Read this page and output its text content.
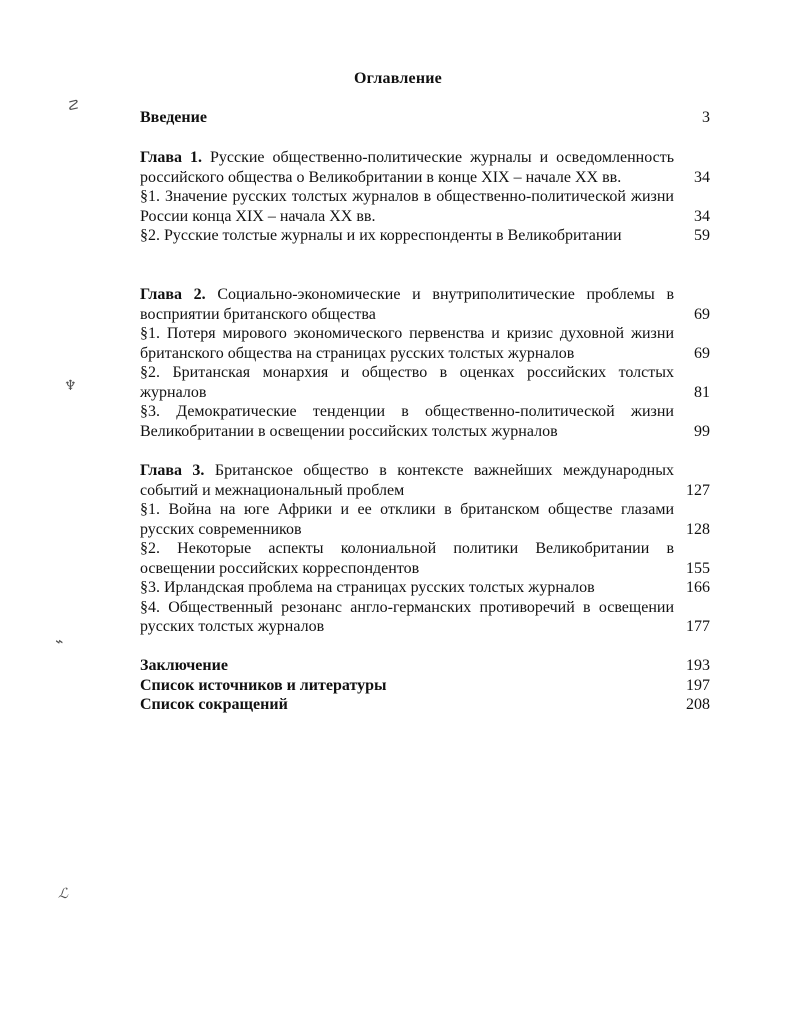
☡
♆
⌁
ℒ
Оглавление
Введение	3
Глава 1. Русские общественно-политические журналы и осведомленность российского общества о Великобритании в конце XIX – начале XX вв.	34
§1. Значение русских толстых журналов в общественно-политической жизни России конца XIX – начала XX вв.	34
§2. Русские толстые журналы и их корреспонденты в Великобритании	59
Глава 2. Социально-экономические и внутриполитические проблемы в восприятии британского общества	69
§1. Потеря мирового экономического первенства и кризис духовной жизни британского общества на страницах русских толстых журналов	69
§2. Британская монархия и общество в оценках российских толстых журналов	81
§3. Демократические тенденции в общественно-политической жизни Великобритании в освещении российских толстых журналов	99
Глава 3. Британское общество в контексте важнейших международных событий и межнациональный проблем	127
§1. Война на юге Африки и ее отклики в британском обществе глазами русских современников	128
§2. Некоторые аспекты колониальной политики Великобритании в освещении российских корреспондентов	155
§3. Ирландская проблема на страницах русских толстых журналов	166
§4. Общественный резонанс англо-германских противоречий в освещении русских толстых журналов	177
Заключение	193
Список источников и литературы	197
Список сокращений	208
